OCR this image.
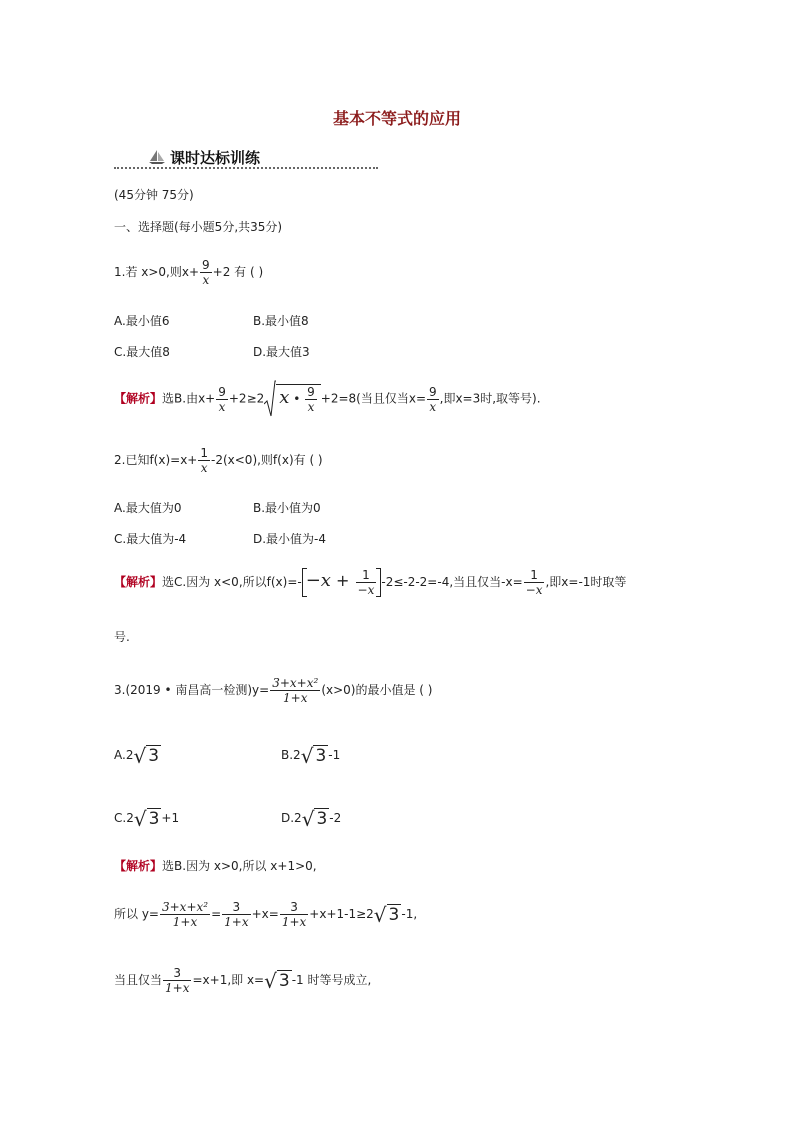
基本不等式的应用
课时达标训练
(45分钟 75分)
一、选择题(每小题5分,共35分)
1.若 x>0,则$x+ \frac{9}{x} +2$ 有 ( )
A.最小值6	B.最小值8
C.最大值8	D.最大值3
【解析】选B.由$x+ \frac{9}{x} +2\ge 2$ x • $\frac{9}{x} +2=8$(当且仅当$x= \frac{9}{x}$ ,即x=3时,取等号).
2.已知$f(x)=x+ \frac{1}{x} -2(x<0)$,则f(x)有 ( )
A.最大值为0	B.最小值为0
C.最大值为-4	D.最小值为-4
【解析】选C.因为 x<0,所以$f(x)=- -x + \frac{1}{-x} -2\le-2-2=-4$,当且仅当$-x= \frac{1}{-x}$ ,即x=-1时取等
号.
3.(2019 • 南昌高一检测)$y= \frac{\text{3+x+x²}}{1+x} (x>0)$的最小值是 ( )
A.2√ 3	B.2√ 3 -1
C.2√ 3 +1	D.2√ 3 -2
【解析】选B.因为 x>0,所以 x+1>0,
所以 $y= \frac{\text{3+x+x²}}{1+x} = \frac{3}{1+x} +x= \frac{3}{1+x} +x+1-1\ge 2√$ 3 -1,
当且仅当 $\frac{3}{1+x} =x+1$,即 x=√ 3 -1 时等号成立,
